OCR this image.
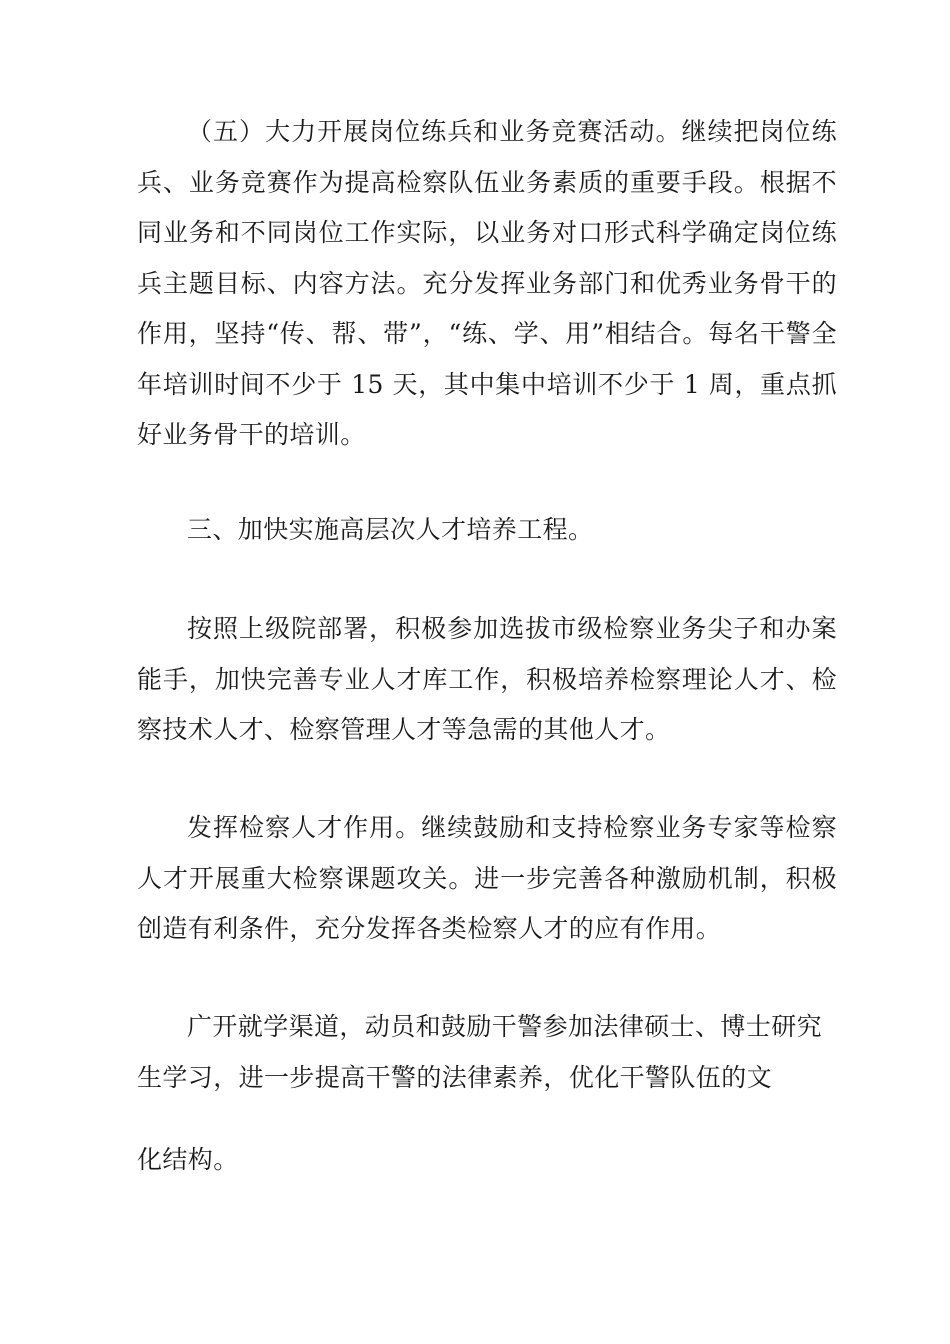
（五）大力开展岗位练兵和业务竞赛活动。继续把岗位练兵、业务竞赛作为提高检察队伍业务素质的重要手段。根据不同业务和不同岗位工作实际，以业务对口形式科学确定岗位练兵主题目标、内容方法。充分发挥业务部门和优秀业务骨干的作用，坚持“传、帮、带”，“练、学、用”相结合。每名干警全年培训时间不少于 15 天，其中集中培训不少于 1 周，重点抓好业务骨干的培训。

三、加快实施高层次人才培养工程。

按照上级院部署，积极参加选拔市级检察业务尖子和办案能手，加快完善专业人才库工作，积极培养检察理论人才、检察技术人才、检察管理人才等急需的其他人才。

发挥检察人才作用。继续鼓励和支持检察业务专家等检察人才开展重大检察课题攻关。进一步完善各种激励机制，积极创造有利条件，充分发挥各类检察人才的应有作用。

广开就学渠道，动员和鼓励干警参加法律硕士、博士研究生学习，进一步提高干警的法律素养，优化干警队伍的文

化结构。
